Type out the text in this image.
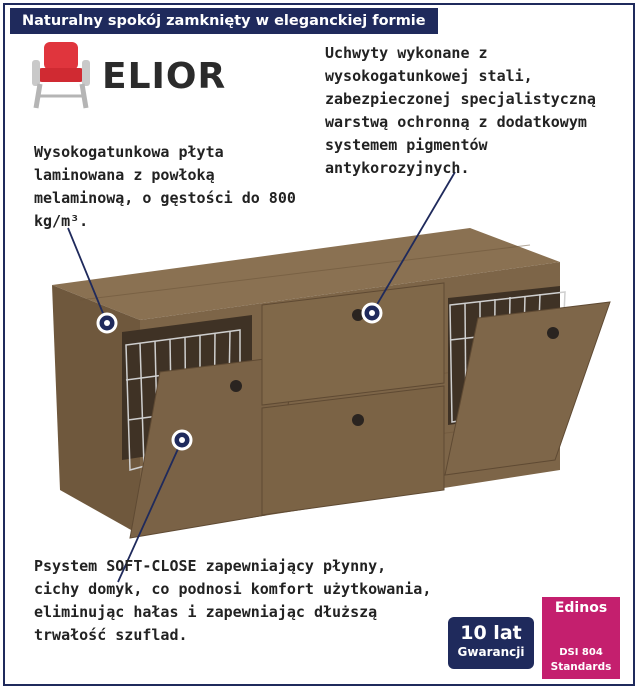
Naturalny spokój zamknięty w eleganckiej formie
ELIOR
Uchwyty wykonane z wysokogatunkowej stali, zabezpieczonej specjalistyczną warstwą ochronną z dodatkowym systemem pigmentów antykorozyjnych.
Wysokogatunkowa płyta laminowana z powłoką melaminową, o gęstości do 800 kg/m³.
Psystem SOFT-CLOSE zapewniający płynny, cichy domyk, co podnosi komfort użytkowania, eliminując hałas i zapewniając dłuższą trwałość szuflad.	10 lat
Gwarancji
Edinos
DSI 804
Standards
